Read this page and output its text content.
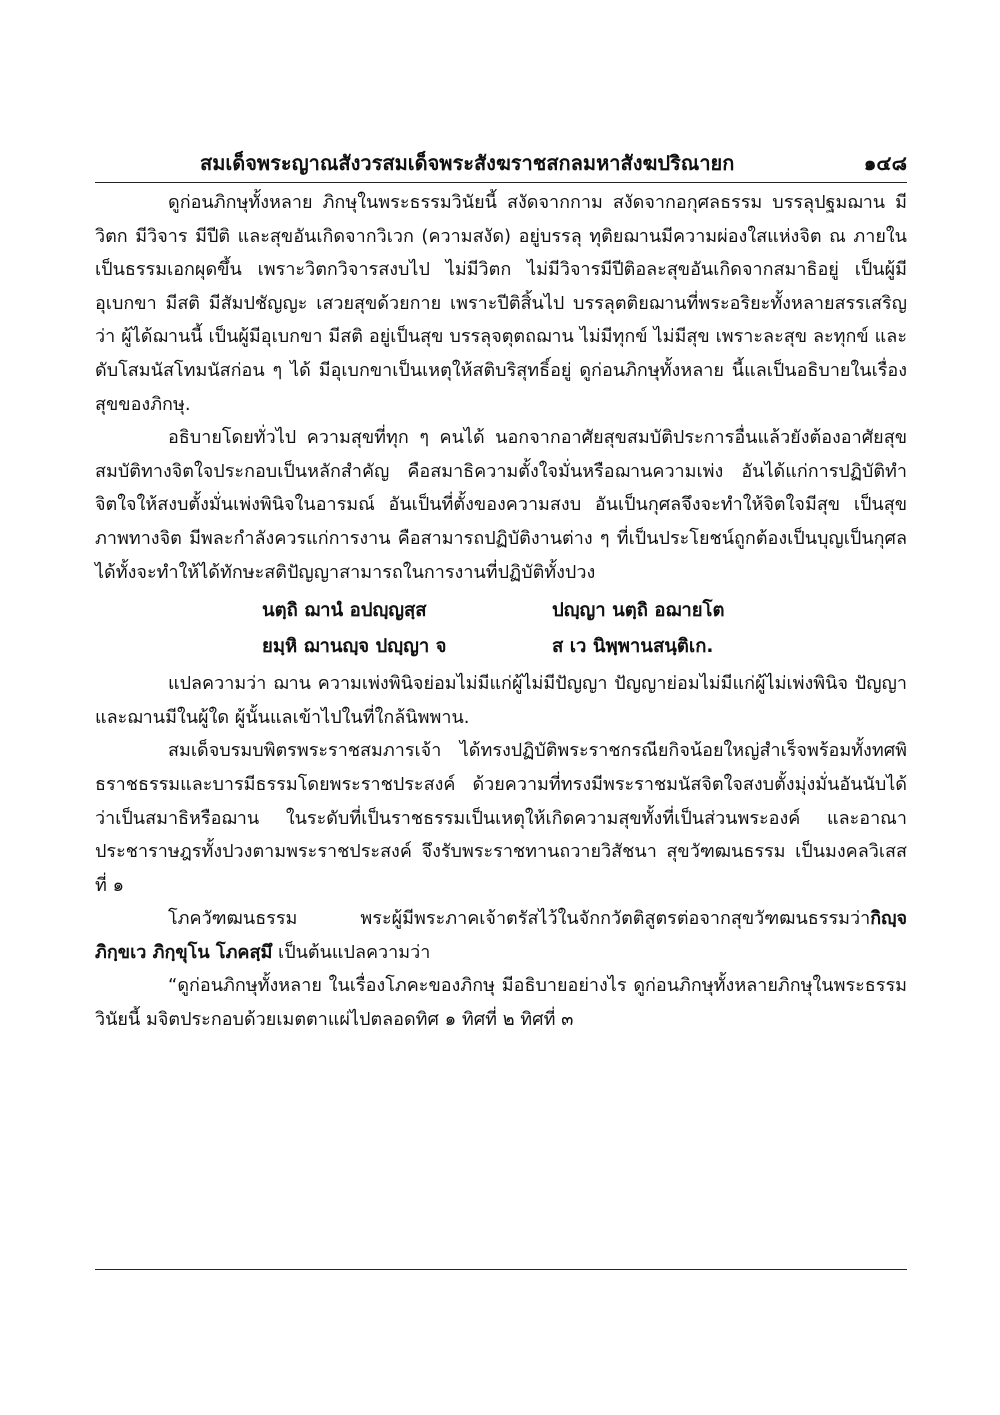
สมเด็จพระญาณสังวรสมเด็จพระสังฆราชสกลมหาสังฆปริณายก	๑๔๘

ดูก่อนภิกษุทั้งหลาย ภิกษุในพระธรรมวินัยนี้ สงัดจากกาม สงัดจากอกุศลธรรม บรรลุปฐมฌาน มีวิตก มีวิจาร มีปีติ และสุขอันเกิดจากวิเวก (ความสงัด) อยู่บรรลุ ทุติยฌานมีความผ่องใสแห่งจิต ณ ภายใน เป็นธรรมเอกผุดขึ้น เพราะวิตกวิจารสงบไป ไม่มีวิตก ไม่มีวิจารมีปีติอละสุขอันเกิดจากสมาธิอยู่ เป็นผู้มีอุเบกขา มีสติ มีสัมปชัญญะ เสวยสุขด้วยกาย เพราะปีติสิ้นไป บรรลุตติยฌานที่พระอริยะทั้งหลายสรรเสริญว่า ผู้ได้ฌานนี้ เป็นผู้มีอุเบกขา มีสติ อยู่เป็นสุข บรรลุจตุตถฌาน ไม่มีทุกข์ ไม่มีสุข เพราะละสุข ละทุกข์ และดับโสมนัสโทมนัสก่อน ๆ ได้ มีอุเบกขาเป็นเหตุให้สติบริสุทธิ์อยู่ ดูก่อนภิกษุทั้งหลาย นี้แลเป็นอธิบายในเรื่องสุขของภิกษุ.

อธิบายโดยทั่วไป ความสุขที่ทุก ๆ คนได้ นอกจากอาศัยสุขสมบัติประการอื่นแล้วยังต้องอาศัยสุขสมบัติทางจิตใจประกอบเป็นหลักสำคัญ คือสมาธิความตั้งใจมั่นหรือฌานความเพ่ง อันได้แก่การปฏิบัติทำจิตใจให้สงบตั้งมั่นเพ่งพินิจในอารมณ์ อันเป็นที่ตั้งของความสงบ อันเป็นกุศลจึงจะทำให้จิตใจมีสุข เป็นสุขภาพทางจิต มีพละกำลังควรแก่การงาน คือสามารถปฏิบัติงานต่าง ๆ ที่เป็นประโยชน์ถูกต้องเป็นบุญเป็นกุศลได้ทั้งจะทำให้ได้ทักษะสติปัญญาสามารถในการงานที่ปฏิบัติทั้งปวง

นตฺถิ ฌานํ อปญฺญสฺส	ปญฺญา นตฺถิ อฌายโต
ยมฺหิ ฌานญฺจ ปญฺญา จ	ส เว นิพฺพานสนฺติเก.

แปลความว่า ฌาน ความเพ่งพินิจย่อมไม่มีแก่ผู้ไม่มีปัญญา ปัญญาย่อมไม่มีแก่ผู้ไม่เพ่งพินิจ ปัญญาและฌานมีในผู้ใด ผู้นั้นแลเข้าไปในที่ใกล้นิพพาน.

สมเด็จบรมบพิตรพระราชสมภารเจ้า ได้ทรงปฏิบัติพระราชกรณียกิจน้อยใหญ่สำเร็จพร้อมทั้งทศพิธราชธรรมและบารมีธรรมโดยพระราชประสงค์ ด้วยความที่ทรงมีพระราชมนัสจิตใจสงบตั้งมุ่งมั่นอันนับได้ว่าเป็นสมาธิหรือฌาน ในระดับที่เป็นราชธรรมเป็นเหตุให้เกิดความสุขทั้งที่เป็นส่วนพระองค์ และอาณาประชาราษฎรทั้งปวงตามพระราชประสงค์ จึงรับพระราชทานถวายวิสัชนา สุขวัฑฒนธรรม เป็นมงคลวิเสสที่ ๑

โภควัฑฒนธรรม พระผู้มีพระภาคเจ้าตรัสไว้ในจักกวัตติสูตรต่อจากสุขวัฑฒนธรรมว่ากิญฺจ ภิกฺขเว ภิกฺขุโน โภคสฺมึ เป็นต้นแปลความว่า

“ดูก่อนภิกษุทั้งหลาย ในเรื่องโภคะของภิกษุ มีอธิบายอย่างไร ดูก่อนภิกษุทั้งหลายภิกษุในพระธรรมวินัยนี้ มจิตประกอบด้วยเมตตาแผ่ไปตลอดทิศ ๑ ทิศที่ ๒ ทิศที่ ๓
